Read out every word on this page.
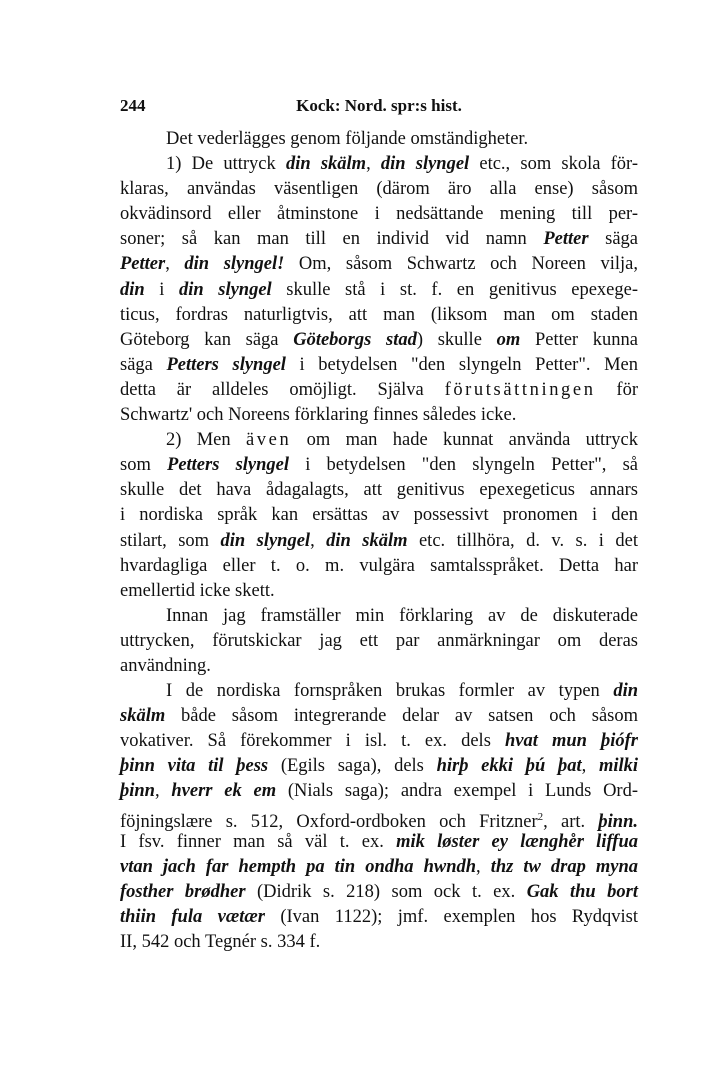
244	Kock: Nord. spr:s hist.
Det vederlägges genom följande omständigheter.
1) De uttryck din skälm, din slyngel etc., som skola för-
klaras, användas väsentligen (därom äro alla ense) såsom
okvädinsord eller åtminstone i nedsättande mening till per-
soner; så kan man till en individ vid namn Petter säga
Petter, din slyngel! Om, såsom Schwartz och Noreen vilja,
din i din slyngel skulle stå i st. f. en genitivus epexege-
ticus, fordras naturligtvis, att man (liksom man om staden
Göteborg kan säga Göteborgs stad) skulle om Petter kunna
säga Petters slyngel i betydelsen "den slyngeln Petter". Men
detta är alldeles omöjligt. Själva förutsättningen för
Schwartz' och Noreens förklaring finnes således icke.
2) Men även om man hade kunnat använda uttryck
som Petters slyngel i betydelsen "den slyngeln Petter", så
skulle det hava ådagalagts, att genitivus epexegeticus annars
i nordiska språk kan ersättas av possessivt pronomen i den
stilart, som din slyngel, din skälm etc. tillhöra, d. v. s. i det
hvardagliga eller t. o. m. vulgära samtalsspråket. Detta har
emellertid icke skett.
Innan jag framställer min förklaring av de diskuterade
uttrycken, förutskickar jag ett par anmärkningar om deras
användning.
I de nordiska fornspråken brukas formler av typen din
skälm både såsom integrerande delar av satsen och såsom
vokativer. Så förekommer i isl. t. ex. dels hvat mun þiófr
þinn vita til þess (Egils saga), dels hirþ ekki þú þat, milki
þinn, hverr ek em (Nials saga); andra exempel i Lunds Ord-
föjningslære s. 512, Oxford-ordboken och Fritzner$^2$, art. þinn.
I fsv. finner man så väl t. ex. mik løster ey længhe̊r liffua
vtan jach far hempth pa tin ondha hwndh, thz tw drap myna
fosther brødher (Didrik s. 218) som ock t. ex. Gak thu bort
thiin fula vætær (Ivan 1122); jmf. exemplen hos Rydqvist
II, 542 och Tegnér s. 334 f.
